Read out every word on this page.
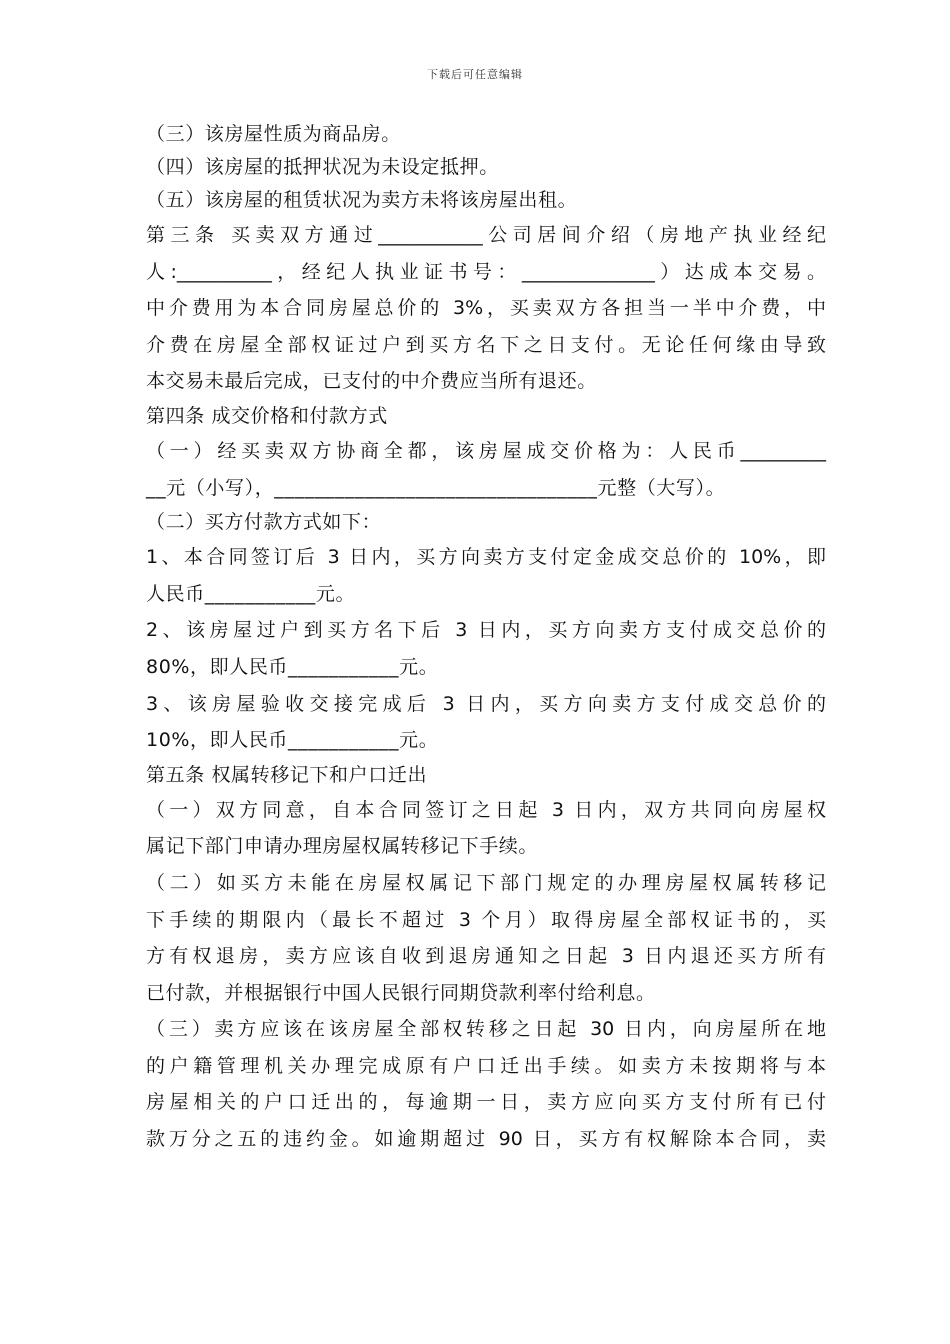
下载后可任意编辑
（三）该房屋性质为商品房。
（四）该房屋的抵押状况为未设定抵押。
（五）该房屋的租赁状况为卖方未将该房屋出租。
第三条 买卖双方通过___________公司居间介绍（房地产执业经纪
人:__________，经纪人执业证书号：______________）达成本交易。
中介费用为本合同房屋总价的 3%，买卖双方各担当一半中介费，中
介费在房屋全部权证过户到买方名下之日支付。无论任何缘由导致
本交易未最后完成，已支付的中介费应当所有退还。
第四条 成交价格和付款方式
（一）经买卖双方协商全都，该房屋成交价格为：人民币_________
__元（小写），________________________________元整（大写）。
（二）买方付款方式如下：
1、本合同签订后 3 日内，买方向卖方支付定金成交总价的 10%，即
人民币___________元。
2、该房屋过户到买方名下后 3 日内，买方向卖方支付成交总价的
80%，即人民币___________元。
3、该房屋验收交接完成后 3 日内，买方向卖方支付成交总价的
10%，即人民币___________元。
第五条 权属转移记下和户口迁出
（一）双方同意，自本合同签订之日起 3 日内，双方共同向房屋权
属记下部门申请办理房屋权属转移记下手续。
（二）如买方未能在房屋权属记下部门规定的办理房屋权属转移记
下手续的期限内（最长不超过 3 个月）取得房屋全部权证书的，买
方有权退房，卖方应该自收到退房通知之日起 3 日内退还买方所有
已付款，并根据银行中国人民银行同期贷款利率付给利息。
（三）卖方应该在该房屋全部权转移之日起 30 日内，向房屋所在地
的户籍管理机关办理完成原有户口迁出手续。如卖方未按期将与本
房屋相关的户口迁出的，每逾期一日，卖方应向买方支付所有已付
款万分之五的违约金。如逾期超过 90 日，买方有权解除本合同，卖
